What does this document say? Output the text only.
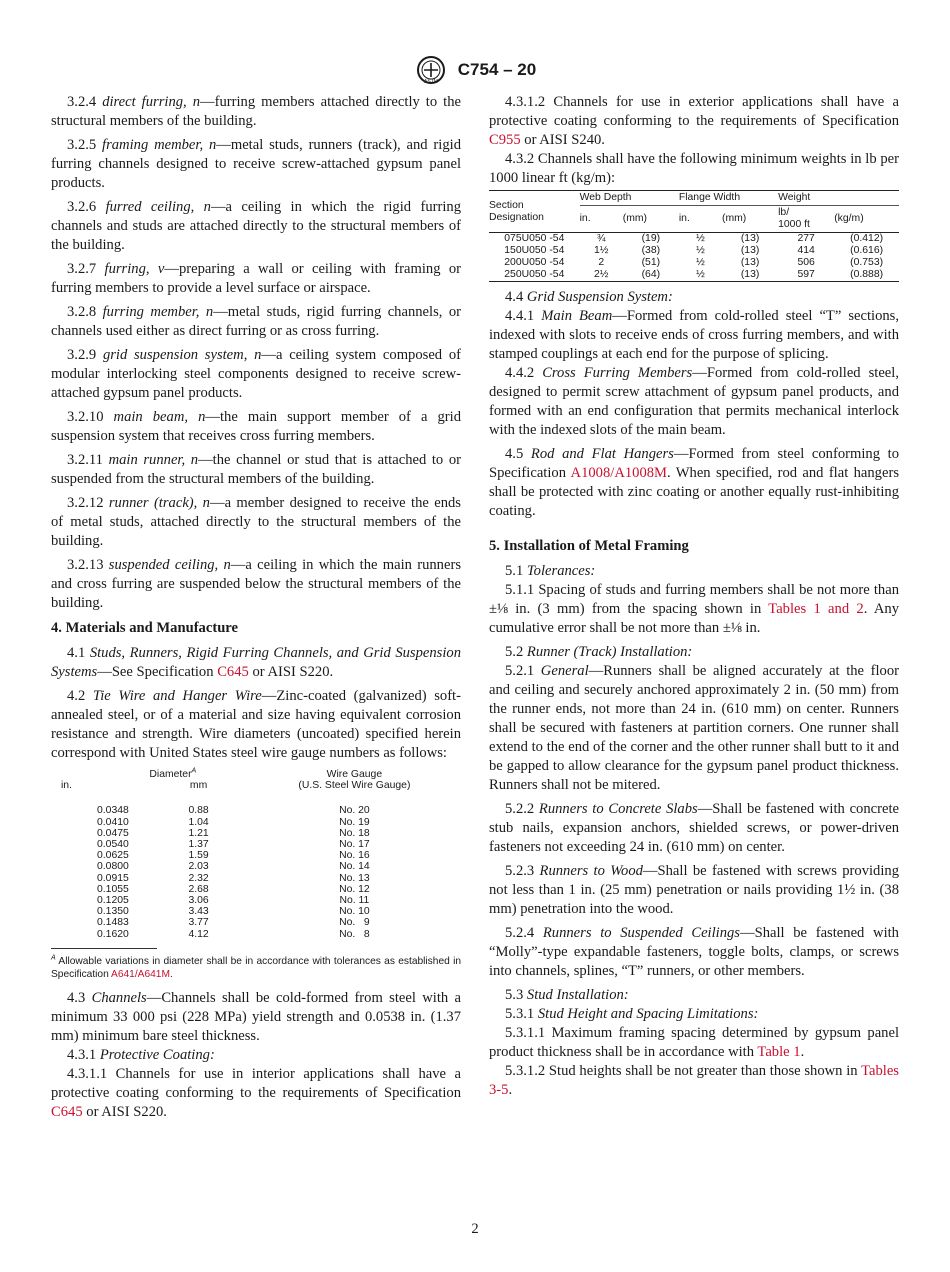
ASTM
C754 – 20

3.2.4 direct furring, n—furring members attached directly to the structural members of the building.

3.2.5 framing member, n—metal studs, runners (track), and rigid furring channels designed to receive screw-attached gypsum panel products.

3.2.6 furred ceiling, n—a ceiling in which the rigid furring channels and studs are attached directly to the structural members of the building.

3.2.7 furring, v—preparing a wall or ceiling with framing or furring members to provide a level surface or airspace.

3.2.8 furring member, n—metal studs, rigid furring channels, or channels used either as direct furring or as cross furring.

3.2.9 grid suspension system, n—a ceiling system composed of modular interlocking steel components designed to receive screw-attached gypsum panel products.

3.2.10 main beam, n—the main support member of a grid suspension system that receives cross furring members.

3.2.11 main runner, n—the channel or stud that is attached to or suspended from the structural members of the building.

3.2.12 runner (track), n—a member designed to receive the ends of metal studs, attached directly to the structural members of the building.

3.2.13 suspended ceiling, n—a ceiling in which the main runners and cross furring are suspended below the structural members of the building.

4. Materials and Manufacture

4.1 Studs, Runners, Rigid Furring Channels, and Grid Suspension Systems—See Specification C645 or AISI S220.

4.2 Tie Wire and Hanger Wire—Zinc-coated (galvanized) soft-annealed steel, or of a material and size having equivalent corrosion resistance and strength. Wire diameters (uncoated) specified herein correspond with United States steel wire gauge numbers as follows:

	Diameter$^A$	Wire Gauge
in.	mm	(U.S. Steel Wire Gauge)

0.0348	0.88	No. 20
0.0410	1.04	No. 19
0.0475	1.21	No. 18
0.0540	1.37	No. 17
0.0625	1.59	No. 16
0.0800	2.03	No. 14
0.0915	2.32	No. 13
0.1055	2.68	No. 12
0.1205	3.06	No. 11
0.1350	3.43	No. 10
0.1483	3.77	No.   9
0.1620	4.12	No.   8
$^A$ Allowable variations in diameter shall be in accordance with tolerances as established in Specification A641/A641M.

4.3 Channels—Channels shall be cold-formed from steel with a minimum 33 000 psi (228 MPa) yield strength and 0.0538 in. (1.37 mm) minimum bare steel thickness.

4.3.1 Protective Coating:

4.3.1.1 Channels for use in interior applications shall have a protective coating conforming to the requirements of Specification C645 or AISI S220.

4.3.1.2 Channels for use in exterior applications shall have a protective coating conforming to the requirements of Specification C955 or AISI S240.

4.3.2 Channels shall have the following minimum weights in lb per 1000 linear ft (kg/m):

Section
Designation	Web Depth		Flange Width		Weight	
	in.	(mm)	in.	(mm)	lb/
1000 ft	(kg/m)
075U050 -54	¾	(19)	½	(13)	277	(0.412)
150U050 -54	1½	(38)	½	(13)	414	(0.616)
200U050 -54	2	(51)	½	(13)	506	(0.753)
250U050 -54	2½	(64)	½	(13)	597	(0.888)

4.4 Grid Suspension System:

4.4.1 Main Beam—Formed from cold-rolled steel “T” sections, indexed with slots to receive ends of cross furring members, and with stamped couplings at each end for the purpose of splicing.

4.4.2 Cross Furring Members—Formed from cold-rolled steel, designed to permit screw attachment of gypsum panel products, and formed with an end configuration that permits mechanical interlock with the indexed slots of the main beam.

4.5 Rod and Flat Hangers—Formed from steel conforming to Specification A1008/A1008M. When specified, rod and flat hangers shall be protected with zinc coating or another equally rust-inhibiting coating.

5. Installation of Metal Framing

5.1 Tolerances:

5.1.1 Spacing of studs and furring members shall be not more than ±⅛ in. (3 mm) from the spacing shown in Tables 1 and 2. Any cumulative error shall be not more than ±⅛ in.

5.2 Runner (Track) Installation:

5.2.1 General—Runners shall be aligned accurately at the floor and ceiling and securely anchored approximately 2 in. (50 mm) from the runner ends, not more than 24 in. (610 mm) on center. Runners shall be secured with fasteners at partition corners. One runner shall extend to the end of the corner and the other runner shall butt to it and be gapped to allow clearance for the gypsum panel product thickness. Runners shall not be mitered.

5.2.2 Runners to Concrete Slabs—Shall be fastened with concrete stub nails, expansion anchors, shielded screws, or power-driven fasteners not exceeding 24 in. (610 mm) on center.

5.2.3 Runners to Wood—Shall be fastened with screws providing not less than 1 in. (25 mm) penetration or nails providing 1½ in. (38 mm) penetration into the wood.

5.2.4 Runners to Suspended Ceilings—Shall be fastened with “Molly”-type expandable fasteners, toggle bolts, clamps, or screws into channels, splines, “T” runners, or other members.

5.3 Stud Installation:

5.3.1 Stud Height and Spacing Limitations:

5.3.1.1 Maximum framing spacing determined by gypsum panel product thickness shall be in accordance with Table 1.

5.3.1.2 Stud heights shall be not greater than those shown in Tables 3-5.

2
